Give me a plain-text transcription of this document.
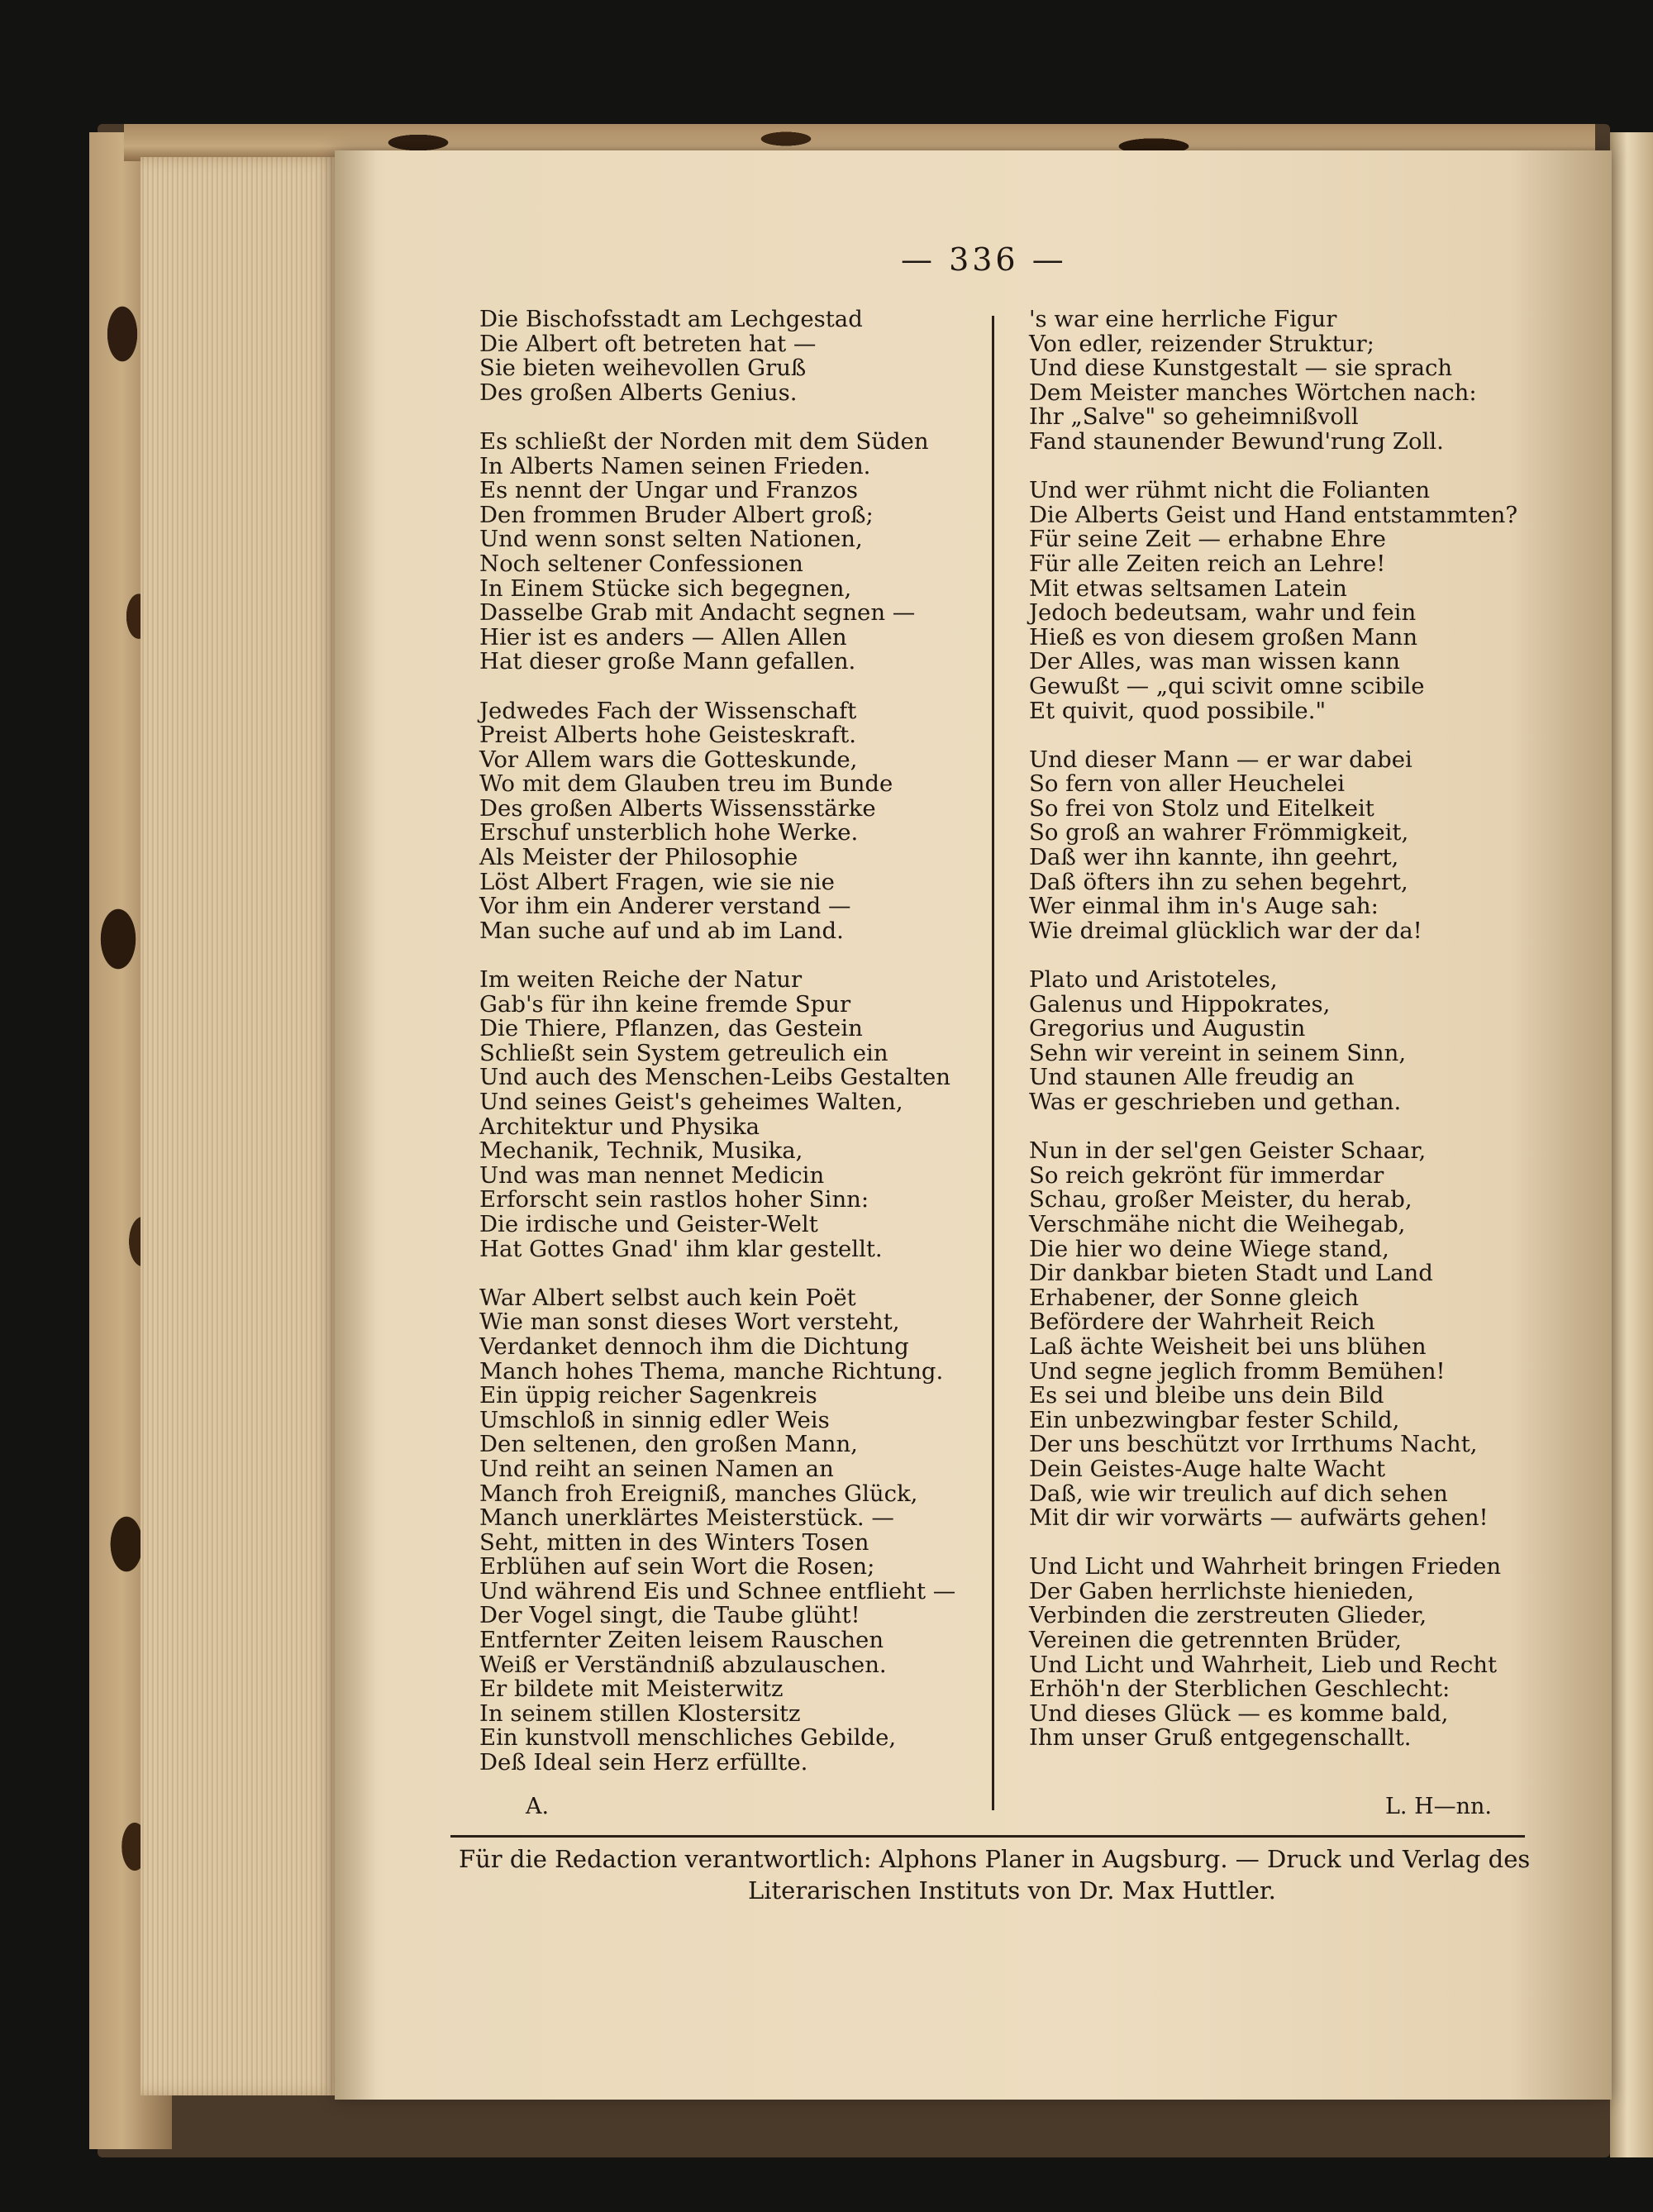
— 336 —
Die Bischofsstadt am Lechgestad
Die Albert oft betreten hat —
Sie bieten weihevollen Gruß
Des großen Alberts Genius.
Es schließt der Norden mit dem Süden
In Alberts Namen seinen Frieden.
Es nennt der Ungar und Franzos
Den frommen Bruder Albert groß;
Und wenn sonst selten Nationen,
Noch seltener Confessionen
In Einem Stücke sich begegnen,
Dasselbe Grab mit Andacht segnen —
Hier ist es anders — Allen Allen
Hat dieser große Mann gefallen.
Jedwedes Fach der Wissenschaft
Preist Alberts hohe Geisteskraft.
Vor Allem wars die Gotteskunde,
Wo mit dem Glauben treu im Bunde
Des großen Alberts Wissensstärke
Erschuf unsterblich hohe Werke.
Als Meister der Philosophie
Löst Albert Fragen, wie sie nie
Vor ihm ein Anderer verstand —
Man suche auf und ab im Land.
Im weiten Reiche der Natur
Gab's für ihn keine fremde Spur
Die Thiere, Pflanzen, das Gestein
Schließt sein System getreulich ein
Und auch des Menschen-Leibs Gestalten
Und seines Geist's geheimes Walten,
Architektur und Physika
Mechanik, Technik, Musika,
Und was man nennet Medicin
Erforscht sein rastlos hoher Sinn:
Die irdische und Geister-Welt
Hat Gottes Gnad' ihm klar gestellt.
War Albert selbst auch kein Poët
Wie man sonst dieses Wort versteht,
Verdanket dennoch ihm die Dichtung
Manch hohes Thema, manche Richtung.
Ein üppig reicher Sagenkreis
Umschloß in sinnig edler Weis
Den seltenen, den großen Mann,
Und reiht an seinen Namen an
Manch froh Ereigniß, manches Glück,
Manch unerklärtes Meisterstück. —
Seht, mitten in des Winters Tosen
Erblühen auf sein Wort die Rosen;
Und während Eis und Schnee entflieht —
Der Vogel singt, die Taube glüht!
Entfernter Zeiten leisem Rauschen
Weiß er Verständniß abzulauschen.
Er bildete mit Meisterwitz
In seinem stillen Klostersitz
Ein kunstvoll menschliches Gebilde,
Deß Ideal sein Herz erfüllte.
's war eine herrliche Figur
Von edler, reizender Struktur;
Und diese Kunstgestalt — sie sprach
Dem Meister manches Wörtchen nach:
Ihr „Salve" so geheimnißvoll
Fand staunender Bewund'rung Zoll.
Und wer rühmt nicht die Folianten
Die Alberts Geist und Hand entstammten?
Für seine Zeit — erhabne Ehre
Für alle Zeiten reich an Lehre!
Mit etwas seltsamen Latein
Jedoch bedeutsam, wahr und fein
Hieß es von diesem großen Mann
Der Alles, was man wissen kann
Gewußt — „qui scivit omne scibile
Et quivit, quod possibile."
Und dieser Mann — er war dabei
So fern von aller Heuchelei
So frei von Stolz und Eitelkeit
So groß an wahrer Frömmigkeit,
Daß wer ihn kannte, ihn geehrt,
Daß öfters ihn zu sehen begehrt,
Wer einmal ihm in's Auge sah:
Wie dreimal glücklich war der da!
Plato und Aristoteles,
Galenus und Hippokrates,
Gregorius und Augustin
Sehn wir vereint in seinem Sinn,
Und staunen Alle freudig an
Was er geschrieben und gethan.
Nun in der sel'gen Geister Schaar,
So reich gekrönt für immerdar
Schau, großer Meister, du herab,
Verschmähe nicht die Weihegab,
Die hier wo deine Wiege stand,
Dir dankbar bieten Stadt und Land
Erhabener, der Sonne gleich
Befördere der Wahrheit Reich
Laß ächte Weisheit bei uns blühen
Und segne jeglich fromm Bemühen!
Es sei und bleibe uns dein Bild
Ein unbezwingbar fester Schild,
Der uns beschützt vor Irrthums Nacht,
Dein Geistes-Auge halte Wacht
Daß, wie wir treulich auf dich sehen
Mit dir wir vorwärts — aufwärts gehen!
Und Licht und Wahrheit bringen Frieden
Der Gaben herrlichste hienieden,
Verbinden die zerstreuten Glieder,
Vereinen die getrennten Brüder,
Und Licht und Wahrheit, Lieb und Recht
Erhöh'n der Sterblichen Geschlecht:
Und dieses Glück — es komme bald,
Ihm unser Gruß entgegenschallt.
A.	L. H—nn.
Für die Redaction verantwortlich: Alphons Planer in Augsburg. — Druck und Verlag des
Literarischen Instituts von Dr. Max Huttler.
